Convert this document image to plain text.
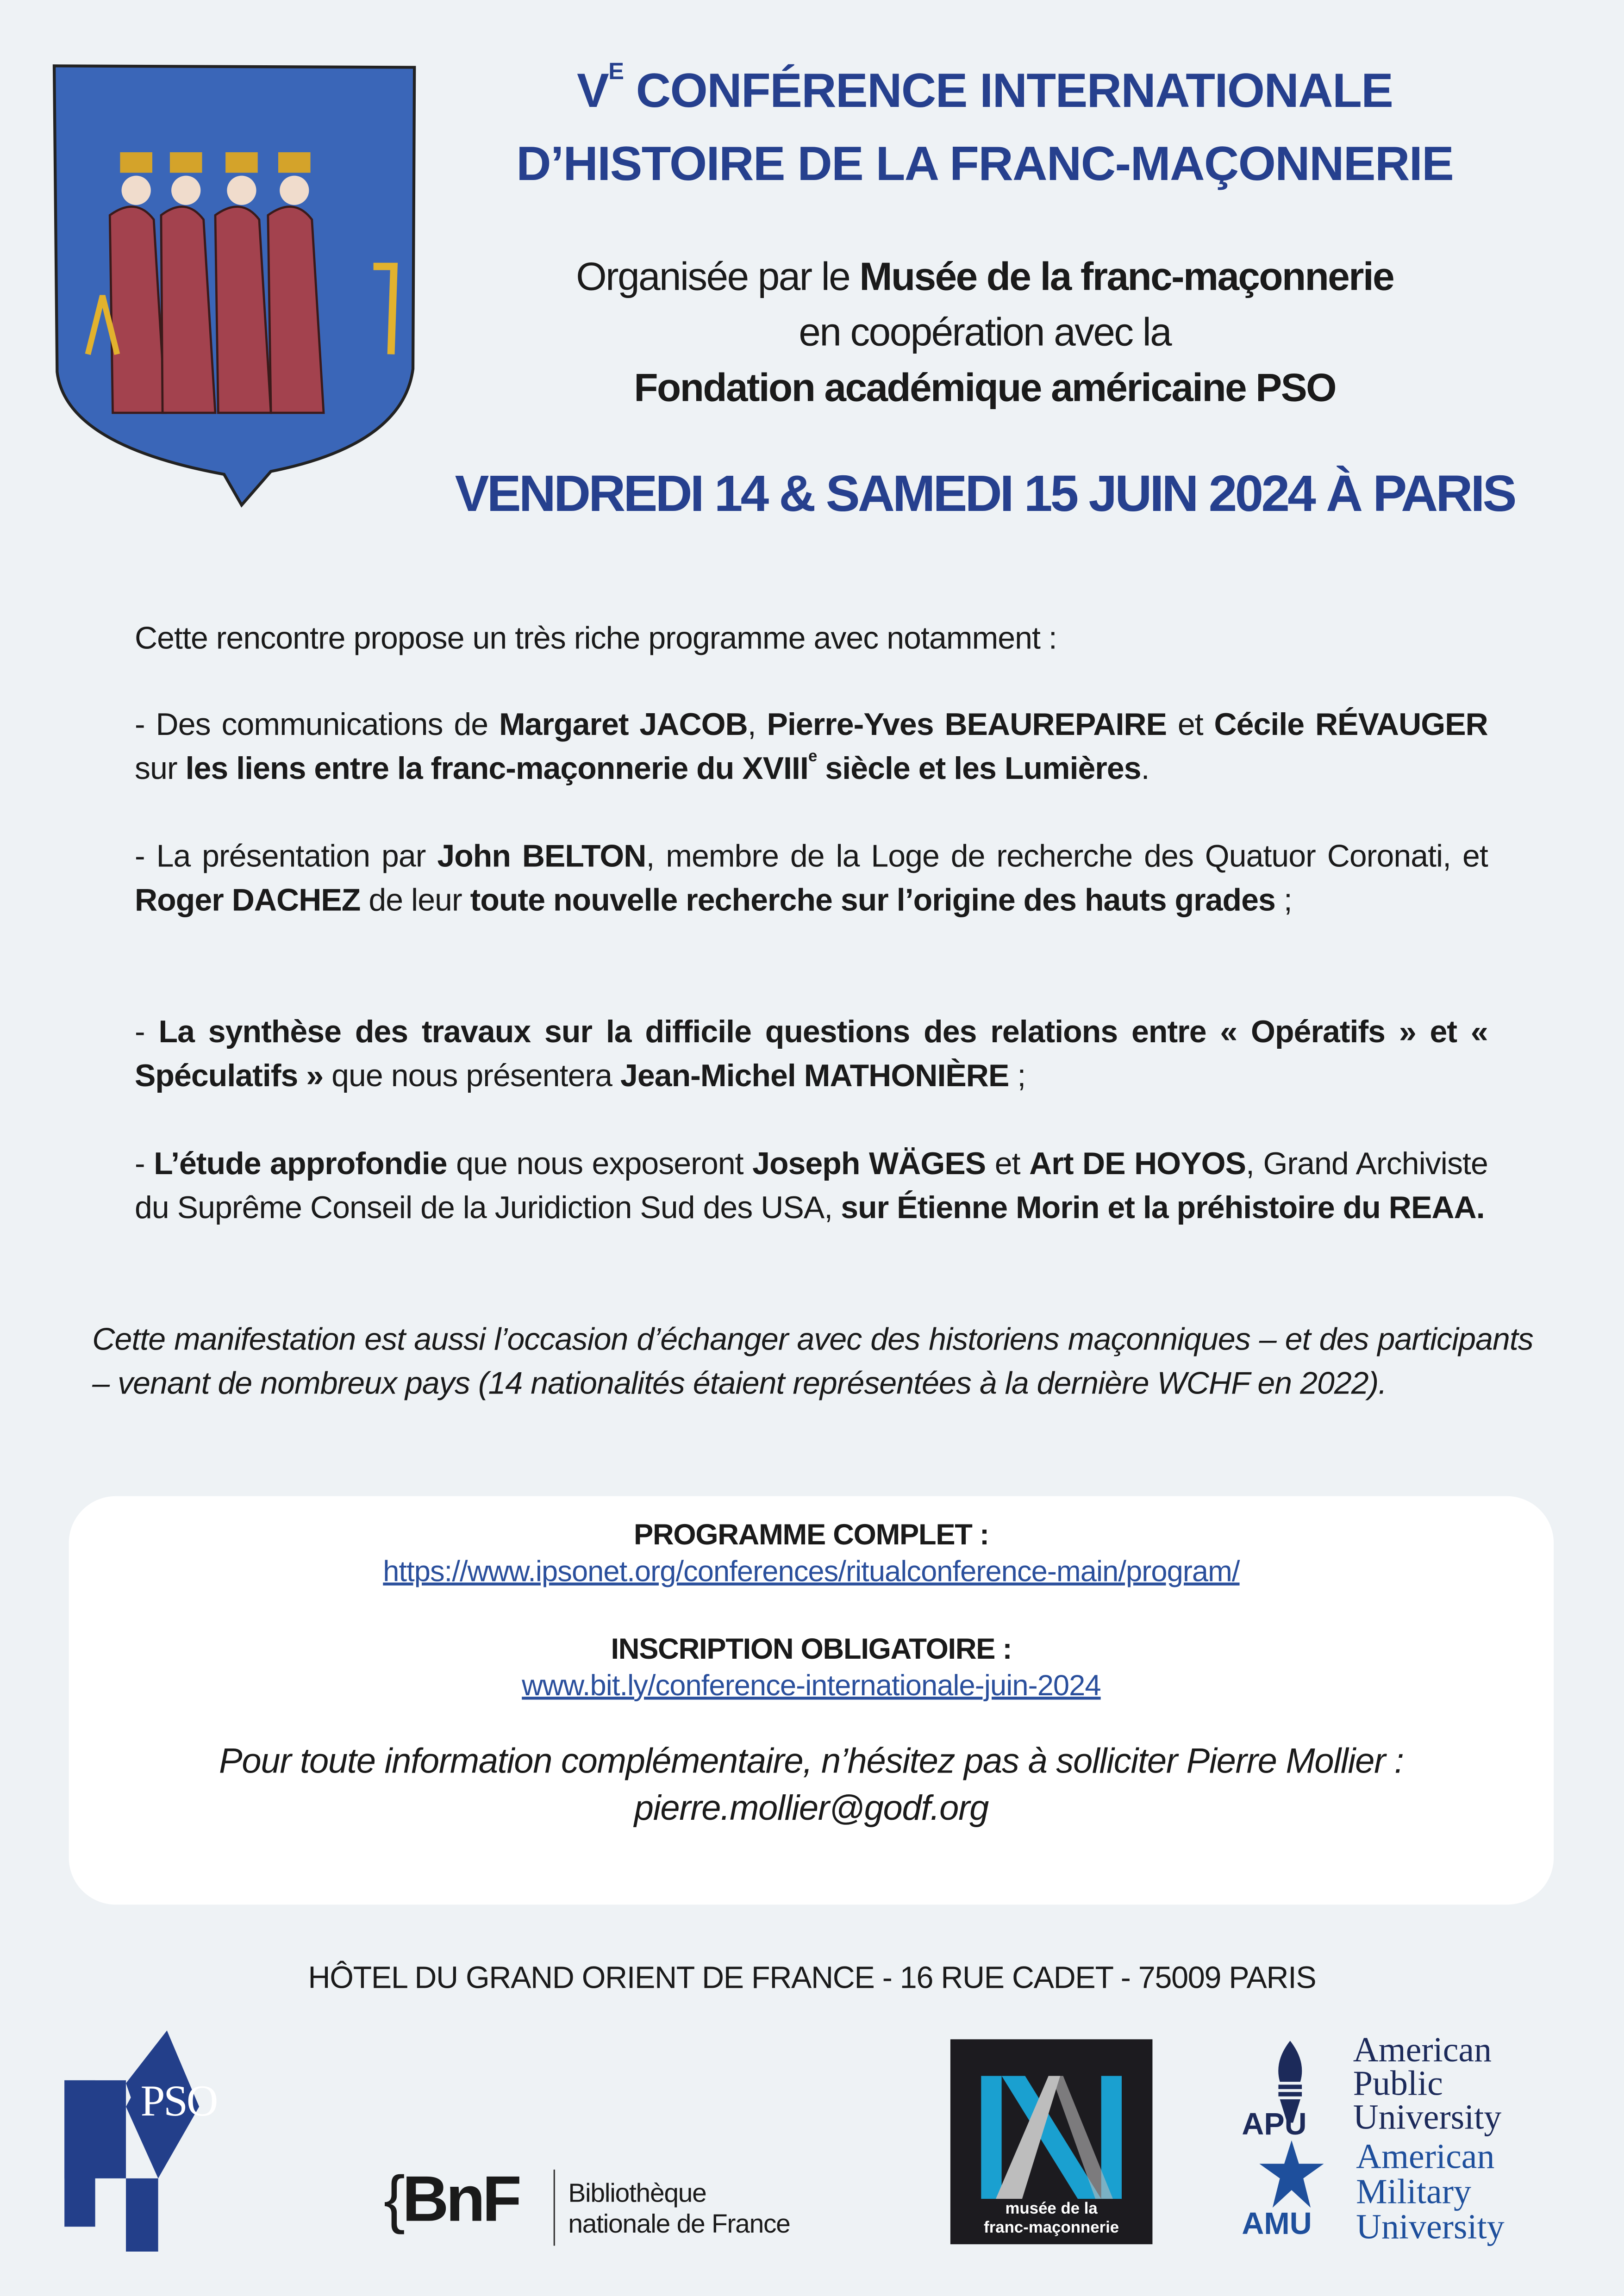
$V^E$ CONFÉRENCE INTERNATIONALE
D’HISTOIRE DE LA FRANC-MAÇONNERIE
Organisée par le Musée de la franc-maçonnerie
en coopération avec la
Fondation académique américaine PSO
VENDREDI 14 & SAMEDI 15 JUIN 2024 À PARIS
Cette rencontre propose un très riche programme avec notamment :
- Des communications de Margaret JACOB, Pierre-Yves BEAUREPAIRE et Cécile RÉVAUGER sur les liens entre la franc-maçonnerie du XVIIIe siècle et les Lumières.
- La présentation par John BELTON, membre de la Loge de recherche des Quatuor Coronati, et Roger DACHEZ de leur toute nouvelle recherche sur l’origine des hauts grades ;
- La synthèse des travaux sur la difficile questions des relations entre « Opératifs » et « Spéculatifs » que nous présentera Jean-Michel MATHONIÈRE ;
- L’étude approfondie que nous exposeront Joseph WÄGES et Art DE HOYOS, Grand Archiviste du Suprême Conseil de la Juridiction Sud des USA, sur Étienne Morin et la préhistoire du REAA.
Cette manifestation est aussi l’occasion d’échanger avec des historiens maçonniques – et des participants – venant de nombreux pays (14 nationalités étaient représentées à la dernière WCHF en 2022).
PROGRAMME COMPLET :
https://www.ipsonet.org/conferences/ritualconference-main/program/
INSCRIPTION OBLIGATOIRE :
www.bit.ly/conference-internationale-juin-2024
Pour toute information complémentaire, n’hésitez pas à solliciter Pierre Mollier :
pierre.mollier@godf.org
HÔTEL DU GRAND ORIENT DE FRANCE - 16 RUE CADET - 75009 PARIS
PSO
{BnF	Bibliothèque
nationale de France	musée de la
franc-maçonnerie
APU
AMU
American
Public
University
American
Military
University
